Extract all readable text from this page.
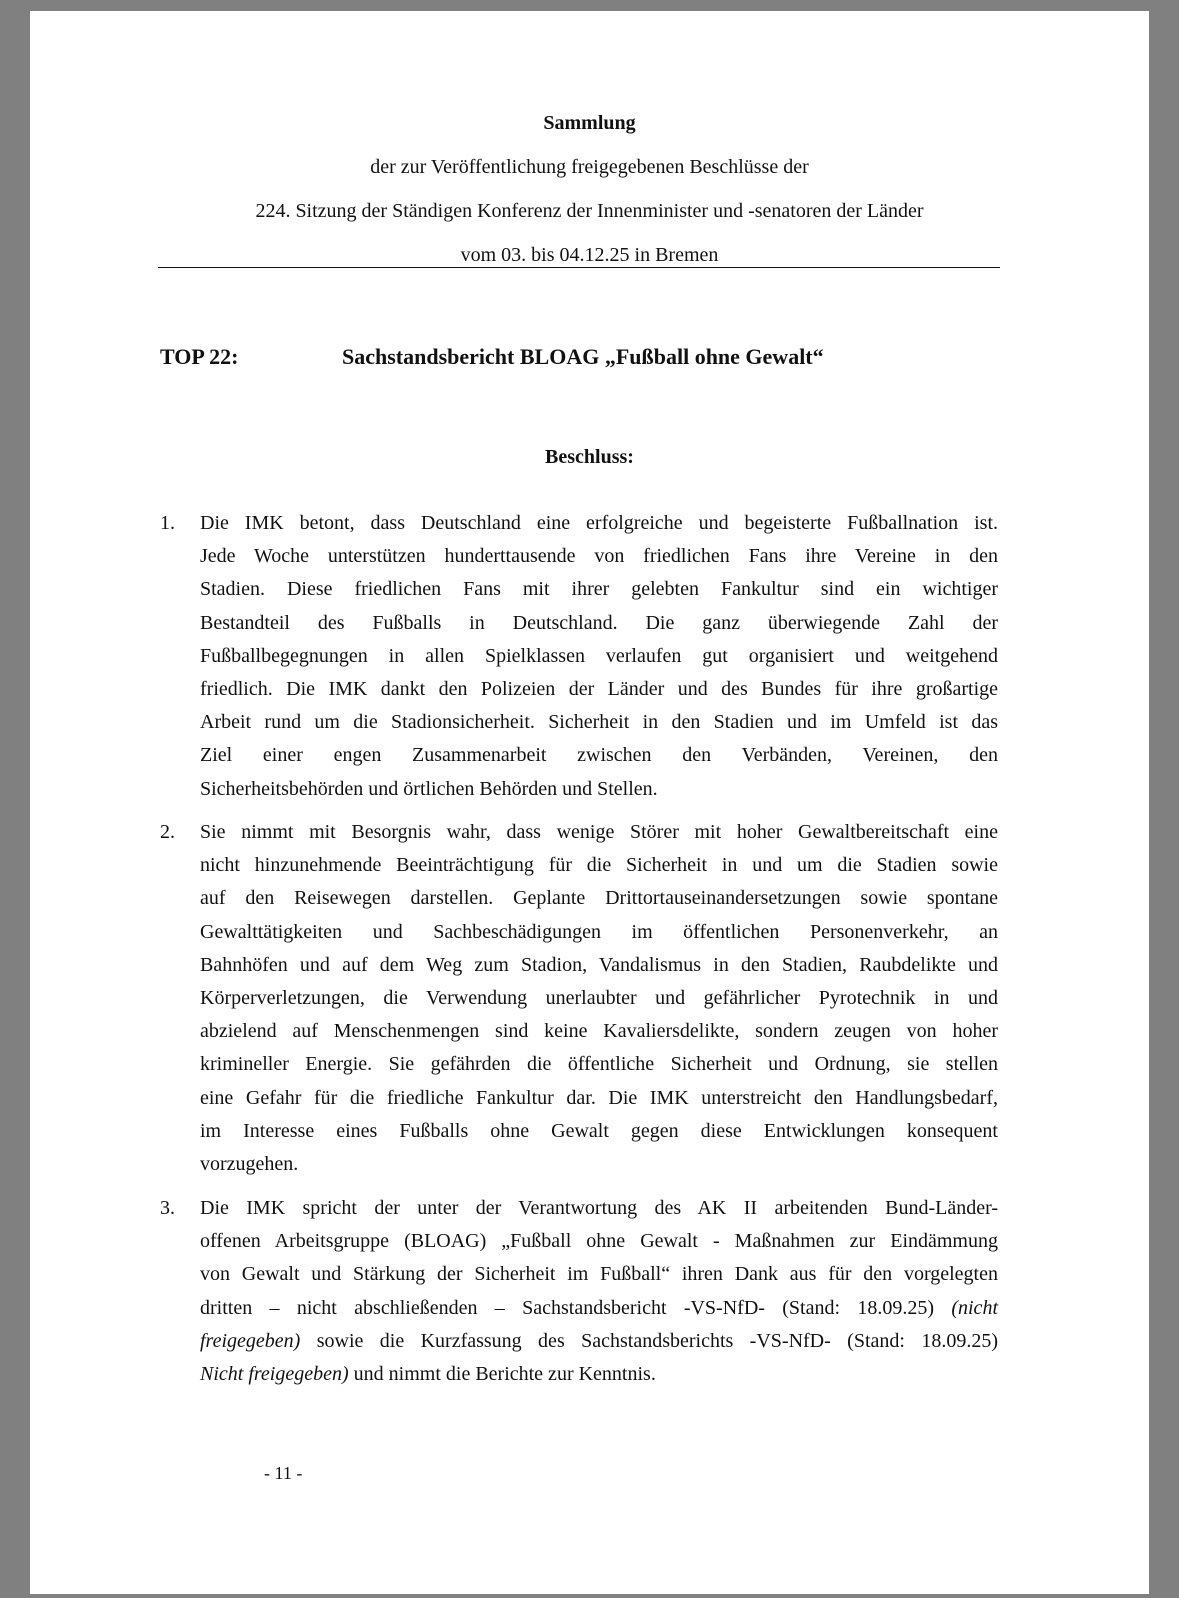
Sammlung
der zur Veröffentlichung freigegebenen Beschlüsse der
224. Sitzung der Ständigen Konferenz der Innenminister und -senatoren der Länder
vom 03. bis 04.12.25 in Bremen
TOP 22:	Sachstandsbericht BLOAG „Fußball ohne Gewalt“
Beschluss:
1. Die IMK betont, dass Deutschland eine erfolgreiche und begeisterte Fußballnation ist.
Jede Woche unterstützen hunderttausende von friedlichen Fans ihre Vereine in den
Stadien. Diese friedlichen Fans mit ihrer gelebten Fankultur sind ein wichtiger
Bestandteil des Fußballs in Deutschland. Die ganz überwiegende Zahl der
Fußballbegegnungen in allen Spielklassen verlaufen gut organisiert und weitgehend
friedlich. Die IMK dankt den Polizeien der Länder und des Bundes für ihre großartige
Arbeit rund um die Stadionsicherheit. Sicherheit in den Stadien und im Umfeld ist das
Ziel einer engen Zusammenarbeit zwischen den Verbänden, Vereinen, den
Sicherheitsbehörden und örtlichen Behörden und Stellen.
2. Sie nimmt mit Besorgnis wahr, dass wenige Störer mit hoher Gewaltbereitschaft eine
nicht hinzunehmende Beeinträchtigung für die Sicherheit in und um die Stadien sowie
auf den Reisewegen darstellen. Geplante Drittortauseinandersetzungen sowie spontane
Gewalttätigkeiten und Sachbeschädigungen im öffentlichen Personenverkehr, an
Bahnhöfen und auf dem Weg zum Stadion, Vandalismus in den Stadien, Raubdelikte und
Körperverletzungen, die Verwendung unerlaubter und gefährlicher Pyrotechnik in und
abzielend auf Menschenmengen sind keine Kavaliersdelikte, sondern zeugen von hoher
krimineller Energie. Sie gefährden die öffentliche Sicherheit und Ordnung, sie stellen
eine Gefahr für die friedliche Fankultur dar. Die IMK unterstreicht den Handlungsbedarf,
im Interesse eines Fußballs ohne Gewalt gegen diese Entwicklungen konsequent
vorzugehen.
3. Die IMK spricht der unter der Verantwortung des AK II arbeitenden Bund-Länder-
offenen Arbeitsgruppe (BLOAG) „Fußball ohne Gewalt - Maßnahmen zur Eindämmung
von Gewalt und Stärkung der Sicherheit im Fußball“ ihren Dank aus für den vorgelegten
dritten – nicht abschließenden – Sachstandsbericht -VS-NfD- (Stand: 18.09.25) (nicht
freigegeben) sowie die Kurzfassung des Sachstandsberichts -VS-NfD- (Stand: 18.09.25)
Nicht freigegeben) und nimmt die Berichte zur Kenntnis.
- 11 -
